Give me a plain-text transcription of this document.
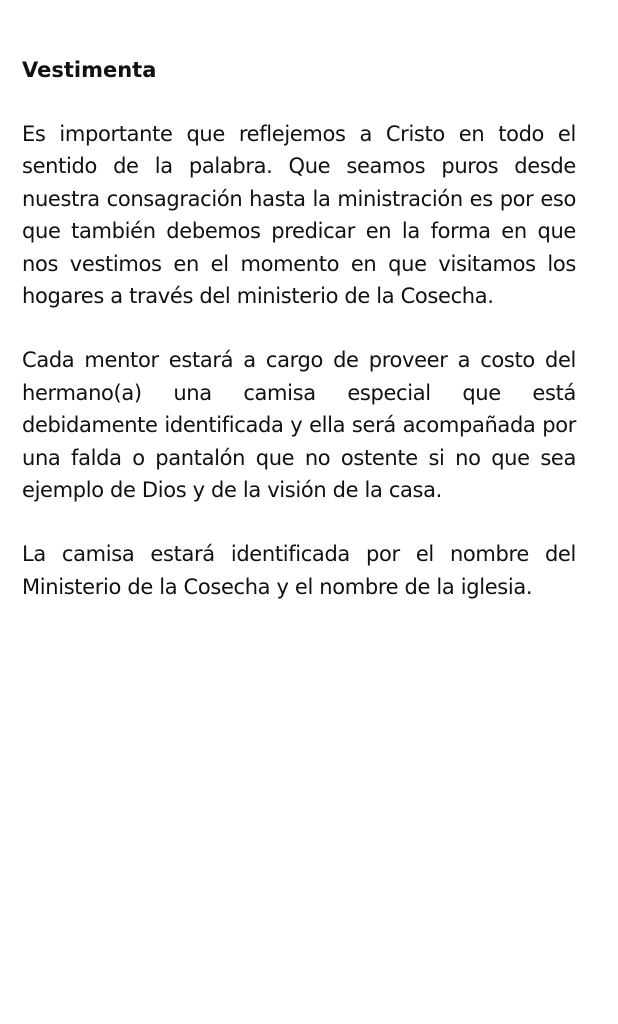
Vestimenta

Es importante que reflejemos a Cristo en todo el sentido de la palabra. Que seamos puros desde nuestra consagración hasta la ministración es por eso que también debemos predicar en la forma en que nos vestimos en el momento en que visitamos los hogares a través del ministerio de la Cosecha.

Cada mentor estará a cargo de proveer a costo del hermano(a) una camisa especial que está debidamente identificada y ella será acompañada por una falda o pantalón que no ostente si no que sea ejemplo de Dios y de la visión de la casa.

La camisa estará identificada por el nombre del Ministerio de la Cosecha y el nombre de la iglesia.
